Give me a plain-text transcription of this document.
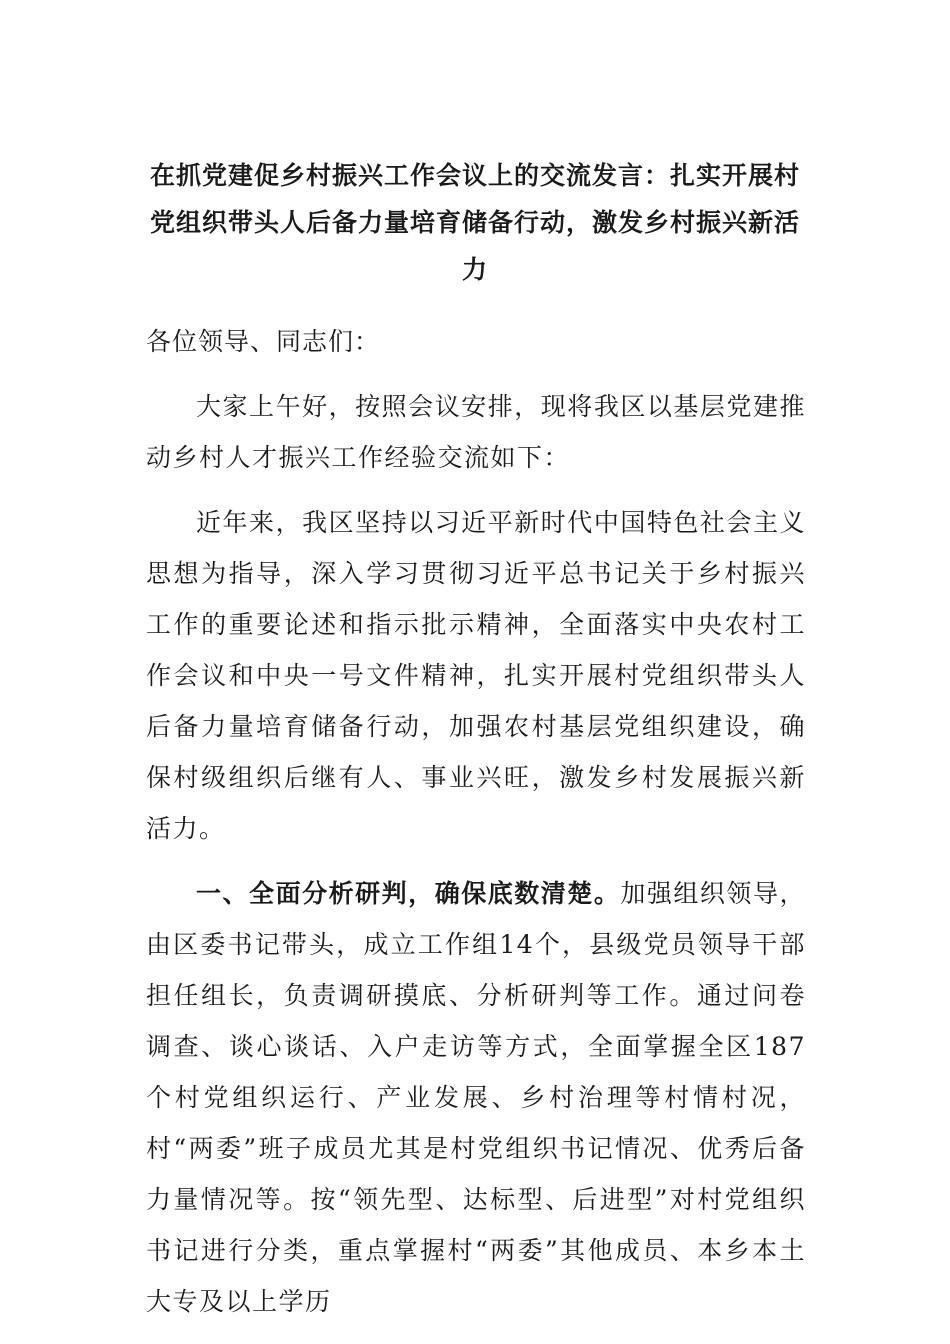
在抓党建促乡村振兴工作会议上的交流发言：扎实开展村党组织带头人后备力量培育储备行动，激发乡村振兴新活力

各位领导、同志们：

大家上午好，按照会议安排，现将我区以基层党建推动乡村人才振兴工作经验交流如下：

近年来，我区坚持以习近平新时代中国特色社会主义思想为指导，深入学习贯彻习近平总书记关于乡村振兴工作的重要论述和指示批示精神，全面落实中央农村工作会议和中央一号文件精神，扎实开展村党组织带头人后备力量培育储备行动，加强农村基层党组织建设，确保村级组织后继有人、事业兴旺，激发乡村发展振兴新活力。

一、全面分析研判，确保底数清楚。加强组织领导，由区委书记带头，成立工作组14个，县级党员领导干部担任组长，负责调研摸底、分析研判等工作。通过问卷调查、谈心谈话、入户走访等方式，全面掌握全区187个村党组织运行、产业发展、乡村治理等村情村况，村“两委”班子成员尤其是村党组织书记情况、优秀后备力量情况等。按“领先型、达标型、后进型”对村党组织书记进行分类，重点掌握村“两委”其他成员、本乡本土大专及以上学历
